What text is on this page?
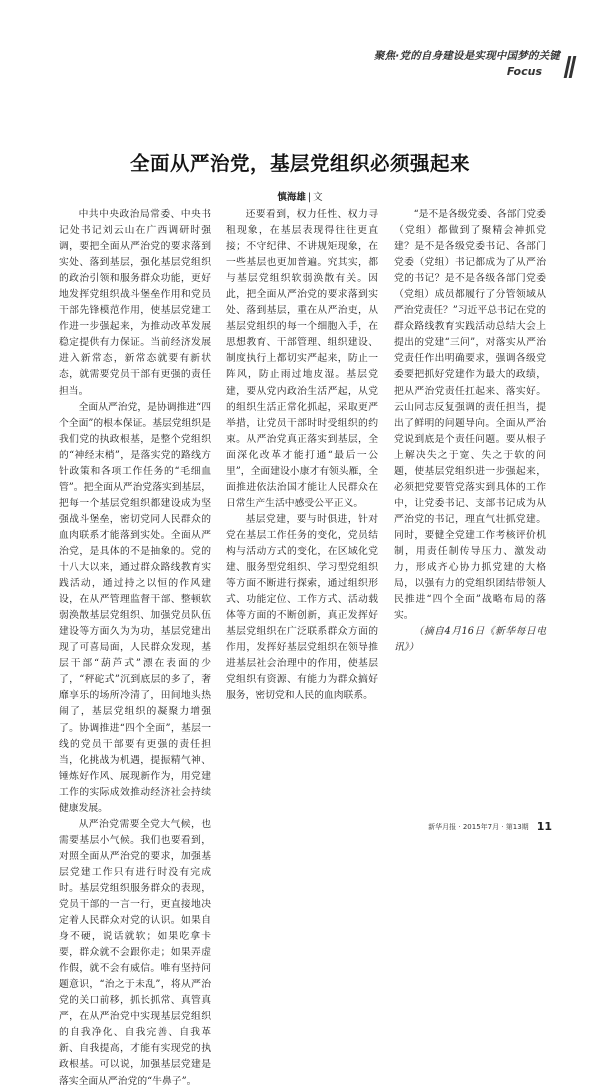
聚焦·党的自身建设是实现中国梦的关键
Focus
全面从严治党，基层党组织必须强起来
慎海雄 | 文

中共中央政治局常委、中央书记处书记刘云山在广西调研时强调，要把全面从严治党的要求落到实处、落到基层，强化基层党组织的政治引领和服务群众功能，更好地发挥党组织战斗堡垒作用和党员干部先锋模范作用，使基层党建工作进一步强起来，为推动改革发展稳定提供有力保证。当前经济发展进入新常态，新常态就要有新状态，就需要党员干部有更强的责任担当。

全面从严治党，是协调推进“四个全面”的根本保证。基层党组织是我们党的执政根基，是整个党组织的“神经末梢”，是落实党的路线方针政策和各项工作任务的“毛细血管”。把全面从严治党落实到基层，把每一个基层党组织都建设成为坚强战斗堡垒，密切党同人民群众的血肉联系才能落到实处。全面从严治党，是具体的不是抽象的。党的十八大以来，通过群众路线教育实践活动，通过持之以恒的作风建设，在从严管理监督干部、整顿软弱涣散基层党组织、加强党员队伍建设等方面久为为功，基层党建出现了可喜局面，人民群众发现，基层干部“葫芦式”漂在表面的少了，“秤砣式”沉到底层的多了，奢靡享乐的场所冷清了，田间地头热闹了，基层党组织的凝聚力增强了。协调推进“四个全面”，基层一线的党员干部要有更强的责任担当，化挑战为机遇，提振精气神、锤炼好作风、展现新作为，用党建工作的实际成效推动经济社会持续健康发展。

从严治党需要全党大气候，也需要基层小气候。我们也要看到，对照全面从严治党的要求，加强基层党建工作只有进行时没有完成时。基层党组织服务群众的表现，党员干部的一言一行，更直接地决定着人民群众对党的认识。如果自身不硬，说话就软；如果吃拿卡要，群众就不会跟你走；如果弄虚作假，就不会有威信。唯有坚持问题意识，“治之于未乱”，将从严治党的关口前移，抓长抓常、真管真严，在从严治党中实现基层党组织的自我净化、自我完善、自我革新、自我提高，才能有实现党的执政根基。可以说，加强基层党建是落实全面从严治党的“牛鼻子”。

还要看到，权力任性、权力寻租现象，在基层表现得往往更直接；不守纪律、不讲规矩现象，在一些基层也更加普遍。究其实，都与基层党组织软弱涣散有关。因此，把全面从严治党的要求落到实处、落到基层，重在从严治吏，从基层党组织的每一个细胞入手，在思想教育、干部管理、组织建设、制度执行上都切实严起来，防止一阵风，防止雨过地皮湿。基层党建，要从党内政治生活严起，从党的组织生活正常化抓起，采取更严举措，让党员干部时时受组织的约束。从严治党真正落实到基层，全面深化改革才能打通“最后一公里”，全面建设小康才有领头雁，全面推进依法治国才能让人民群众在日常生产生活中感受公平正义。

基层党建，要与时俱进，针对党在基层工作任务的变化，党员结构与活动方式的变化，在区域化党建、服务型党组织、学习型党组织等方面不断进行探索，通过组织形式、功能定位、工作方式、活动载体等方面的不断创新，真正发挥好基层党组织在广泛联系群众方面的作用，发挥好基层党组织在领导推进基层社会治理中的作用，使基层党组织有资源、有能力为群众搞好服务，密切党和人民的血肉联系。

“是不是各级党委、各部门党委（党组）都做到了聚精会神抓党建？是不是各级党委书记、各部门党委（党组）书记都成为了从严治党的书记？是不是各级各部门党委（党组）成员都履行了分管领域从严治党责任？”习近平总书记在党的群众路线教育实践活动总结大会上提出的党建“三问”，对落实从严治党责任作出明确要求，强调各级党委要把抓好党建作为最大的政绩，把从严治党责任扛起来、落实好。云山同志反复强调的责任担当，提出了鲜明的问题导向。全面从严治党说到底是个责任问题。要从根子上解决失之于宽、失之于软的问题，使基层党组织进一步强起来，必须把党要管党落实到具体的工作中，让党委书记、支部书记成为从严治党的书记，理直气壮抓党建。同时，要健全党建工作考核评价机制，用责任制传导压力、激发动力，形成齐心协力抓党建的大格局，以强有力的党组织团结带领人民推进“四个全面”战略布局的落实。

（摘自4月16日《新华每日电讯》）

新华月报 · 2015年7月 · 第13期 11
